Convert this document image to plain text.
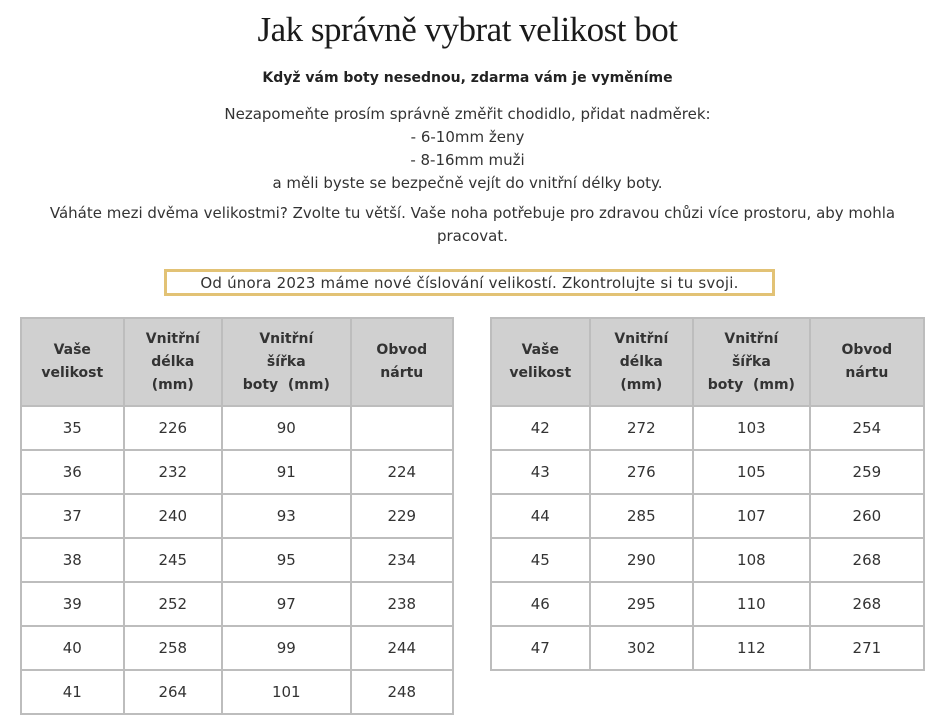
Jak správně vybrat velikost bot
Když vám boty nesednou, zdarma vám je vyměníme
Nezapomeňte prosím správně změřit chodidlo, přidat nadměrek:
- 6-10mm ženy
- 8-16mm muži
a měli byste se bezpečně vejít do vnitřní délky boty.
Váháte mezi dvěma velikostmi? Zvolte tu větší. Vaše noha potřebuje pro zdravou chůzi více prostoru, aby mohla pracovat.
Od února 2023 máme nové číslování velikostí. Zkontrolujte si tu svoji.
Vaše
velikost	Vnitřní
délka
(mm)	Vnitřní
šířka
boty  (mm)	Obvod
nártu

35	226	90	
36	232	91	224
37	240	93	229
38	245	95	234
39	252	97	238
40	258	99	244
41	264	101	248
Vaše
velikost	Vnitřní
délka
(mm)	Vnitřní
šířka
boty  (mm)	Obvod
nártu

42	272	103	254
43	276	105	259
44	285	107	260
45	290	108	268
46	295	110	268
47	302	112	271
